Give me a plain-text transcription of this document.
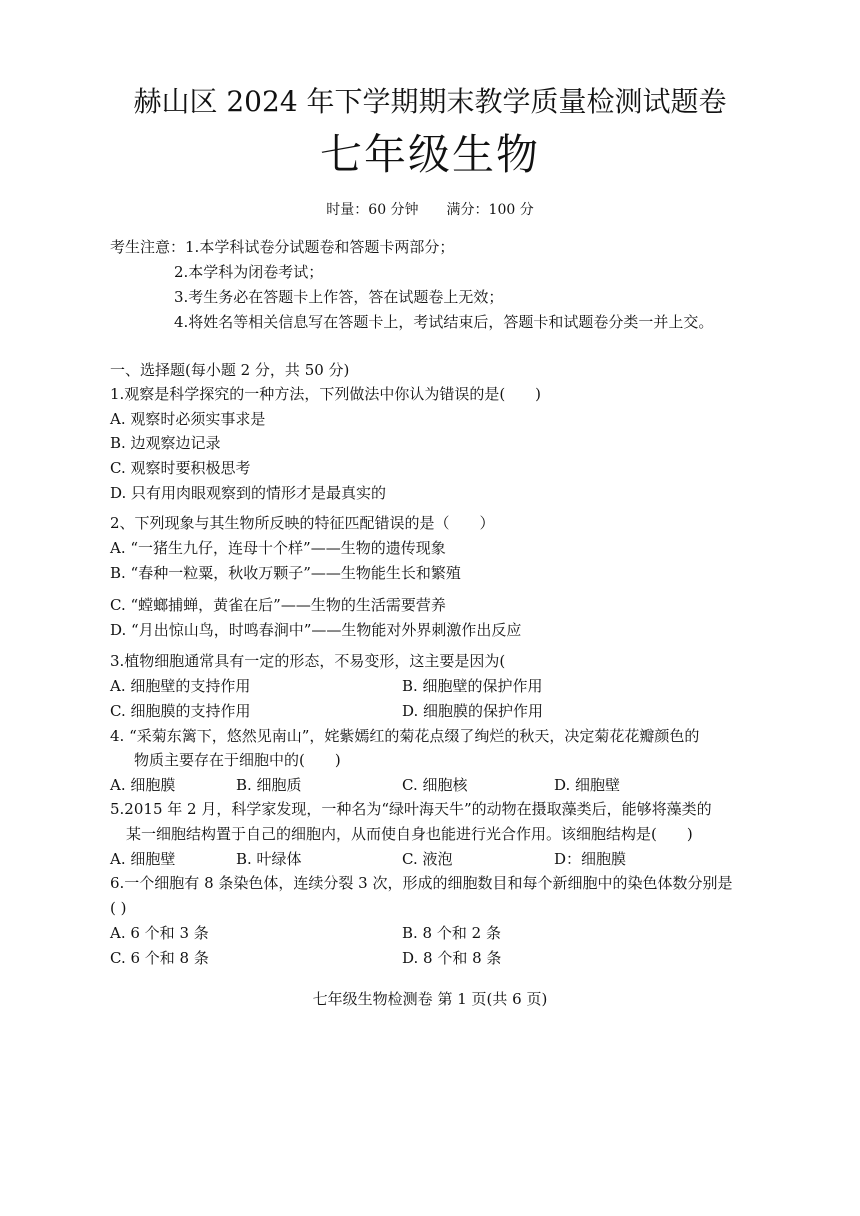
赫山区 2024 年下学期期末教学质量检测试题卷
七年级生物
时量：60 分钟 满分：100 分
考生注意：1.本学科试卷分试题卷和答题卡两部分；
2.本学科为闭卷考试；
3.考生务必在答题卡上作答，答在试题卷上无效；
4.将姓名等相关信息写在答题卡上，考试结束后，答题卡和试题卷分类一并上交。
一、选择题(每小题 2 分，共 50 分)
1.观察是科学探究的一种方法，下列做法中你认为错误的是(　　)
A. 观察时必须实事求是
B. 边观察边记录
C. 观察时要积极思考
D. 只有用肉眼观察到的情形才是最真实的
2、下列现象与其生物所反映的特征匹配错误的是（　　）
A. “一猪生九仔，连母十个样”——生物的遗传现象
B. “春种一粒粟，秋收万颗子”——生物能生长和繁殖
C. “螳螂捕蝉，黄雀在后”——生物的生活需要营养
D. “月出惊山鸟，时鸣春涧中”——生物能对外界刺激作出反应
3.植物细胞通常具有一定的形态，不易变形，这主要是因为(
A. 细胞壁的支持作用	B. 细胞壁的保护作用
C. 细胞膜的支持作用	D. 细胞膜的保护作用
4. “采菊东篱下，悠然见南山”，姹紫嫣红的菊花点缀了绚烂的秋天，决定菊花花瓣颜色的
物质主要存在于细胞中的(　　)
A. 细胞膜	B. 细胞质	C. 细胞核	D. 细胞壁
5.2015 年 2 月，科学家发现，一种名为“绿叶海天牛”的动物在摄取藻类后，能够将藻类的
某一细胞结构置于自己的细胞内，从而使自身也能进行光合作用。该细胞结构是(　　)
A. 细胞壁	B. 叶绿体	C. 液泡	D：细胞膜
6.一个细胞有 8 条染色体，连续分裂 3 次，形成的细胞数目和每个新细胞中的染色体数分别是
( )
A. 6 个和 3 条	B. 8 个和 2 条
C. 6 个和 8 条	D. 8 个和 8 条
七年级生物检测卷 第 1 页(共 6 页)
